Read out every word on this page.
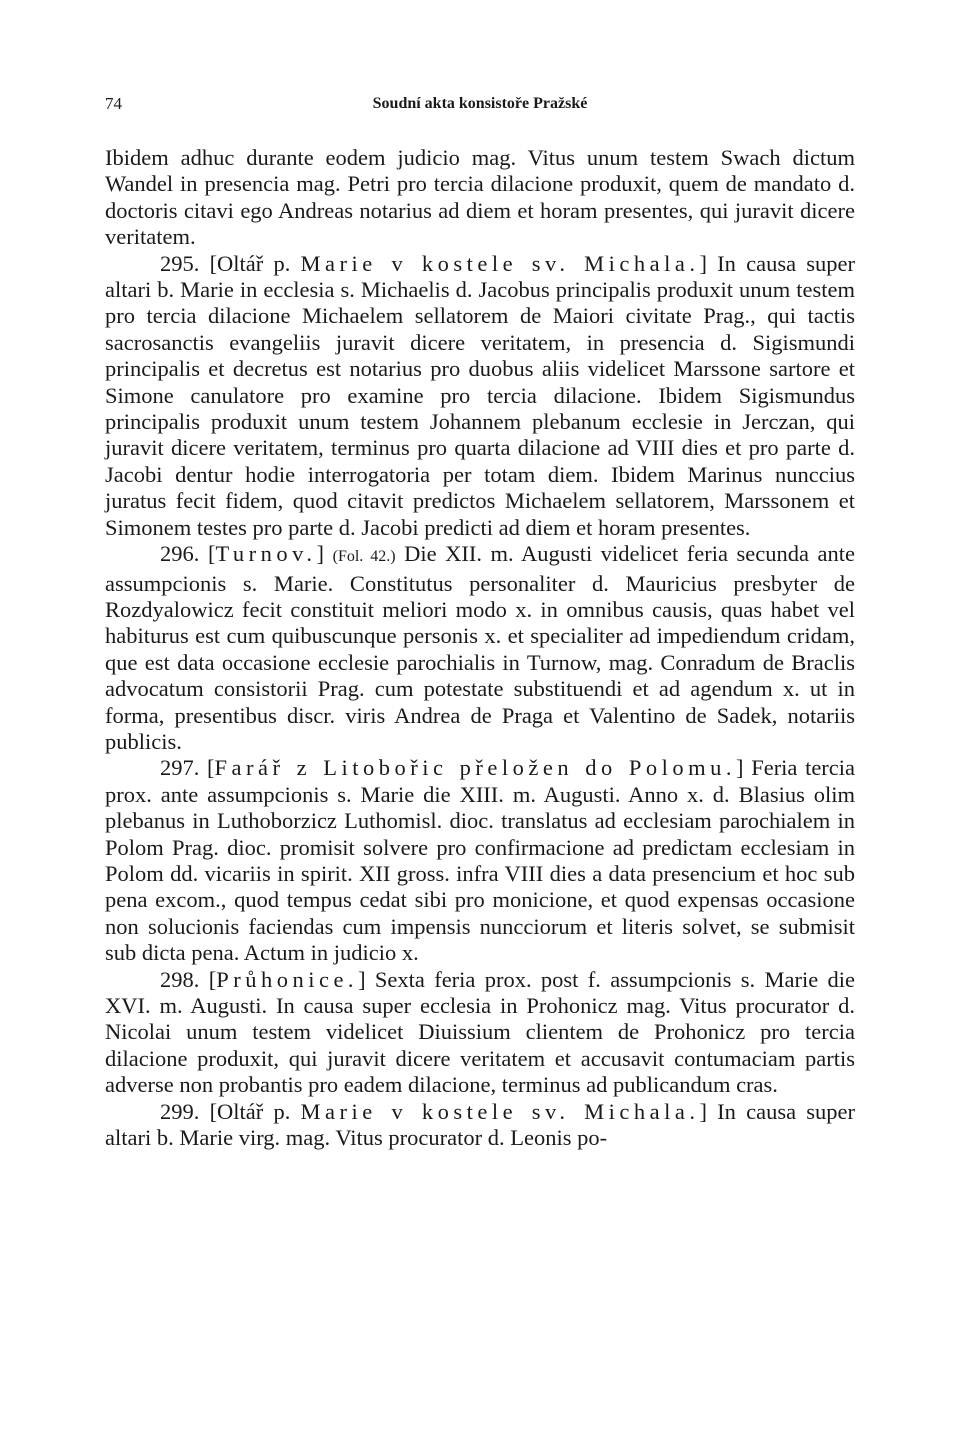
74	Soudní akta konsistoře Pražské

Ibidem adhuc durante eodem judicio mag. Vitus unum testem Swach dictum Wandel in presencia mag. Petri pro tercia dilacione produxit, quem de mandato d. doctoris citavi ego Andreas notarius ad diem et horam presentes, qui juravit dicere veritatem.

295. [Oltář p. Marie v kostele sv. Michala.] In causa super altari b. Marie in ecclesia s. Michaelis d. Jacobus principalis produxit unum testem pro tercia dilacione Michaelem sellatorem de Maiori civitate Prag., qui tactis sacrosanctis evangeliis juravit dicere veritatem, in presencia d. Sigismundi principalis et decretus est notarius pro duobus aliis videlicet Marssone sartore et Simone canulatore pro examine pro tercia dilacione. Ibidem Sigismundus principalis produxit unum testem Johannem plebanum ecclesie in Jerczan, qui juravit dicere veritatem, terminus pro quarta dilacione ad VIII dies et pro parte d. Jacobi dentur hodie interrogatoria per totam diem. Ibidem Marinus nunccius juratus fecit fidem, quod citavit predictos Michaelem sellatorem, Marssonem et Simonem testes pro parte d. Jacobi predicti ad diem et horam presentes.

296. [Turnov.] (Fol. 42.) Die XII. m. Augusti videlicet feria secunda ante assumpcionis s. Marie. Constitutus personaliter d. Mauricius presbyter de Rozdyalowicz fecit constituit meliori modo x. in omnibus causis, quas habet vel habiturus est cum quibuscunque personis x. et specialiter ad impediendum cridam, que est data occasione ecclesie parochialis in Turnow, mag. Conradum de Braclis advocatum consistorii Prag. cum potestate substituendi et ad agendum x. ut in forma, presentibus discr. viris Andrea de Praga et Valentino de Sadek, notariis publicis.

297. [Farář z Litobořic přeložen do Polomu.] Feria tercia prox. ante assumpcionis s. Marie die XIII. m. Augusti. Anno x. d. Blasius olim plebanus in Luthoborzicz Luthomisl. dioc. translatus ad ecclesiam parochialem in Polom Prag. dioc. promisit solvere pro confirmacione ad predictam ecclesiam in Polom dd. vicariis in spirit. XII gross. infra VIII dies a data presencium et hoc sub pena excom., quod tempus cedat sibi pro monicione, et quod expensas occasione non solucionis faciendas cum impensis nuncciorum et literis solvet, se submisit sub dicta pena. Actum in judicio x.

298. [Průhonice.] Sexta feria prox. post f. assumpcionis s. Marie die XVI. m. Augusti. In causa super ecclesia in Prohonicz mag. Vitus procurator d. Nicolai unum testem videlicet Diuissium clientem de Prohonicz pro tercia dilacione produxit, qui juravit dicere veritatem et accusavit contumaciam partis adverse non probantis pro eadem dilacione, terminus ad publicandum cras.

299. [Oltář p. Marie v kostele sv. Michala.] In causa super altari b. Marie virg. mag. Vitus procurator d. Leonis po-
